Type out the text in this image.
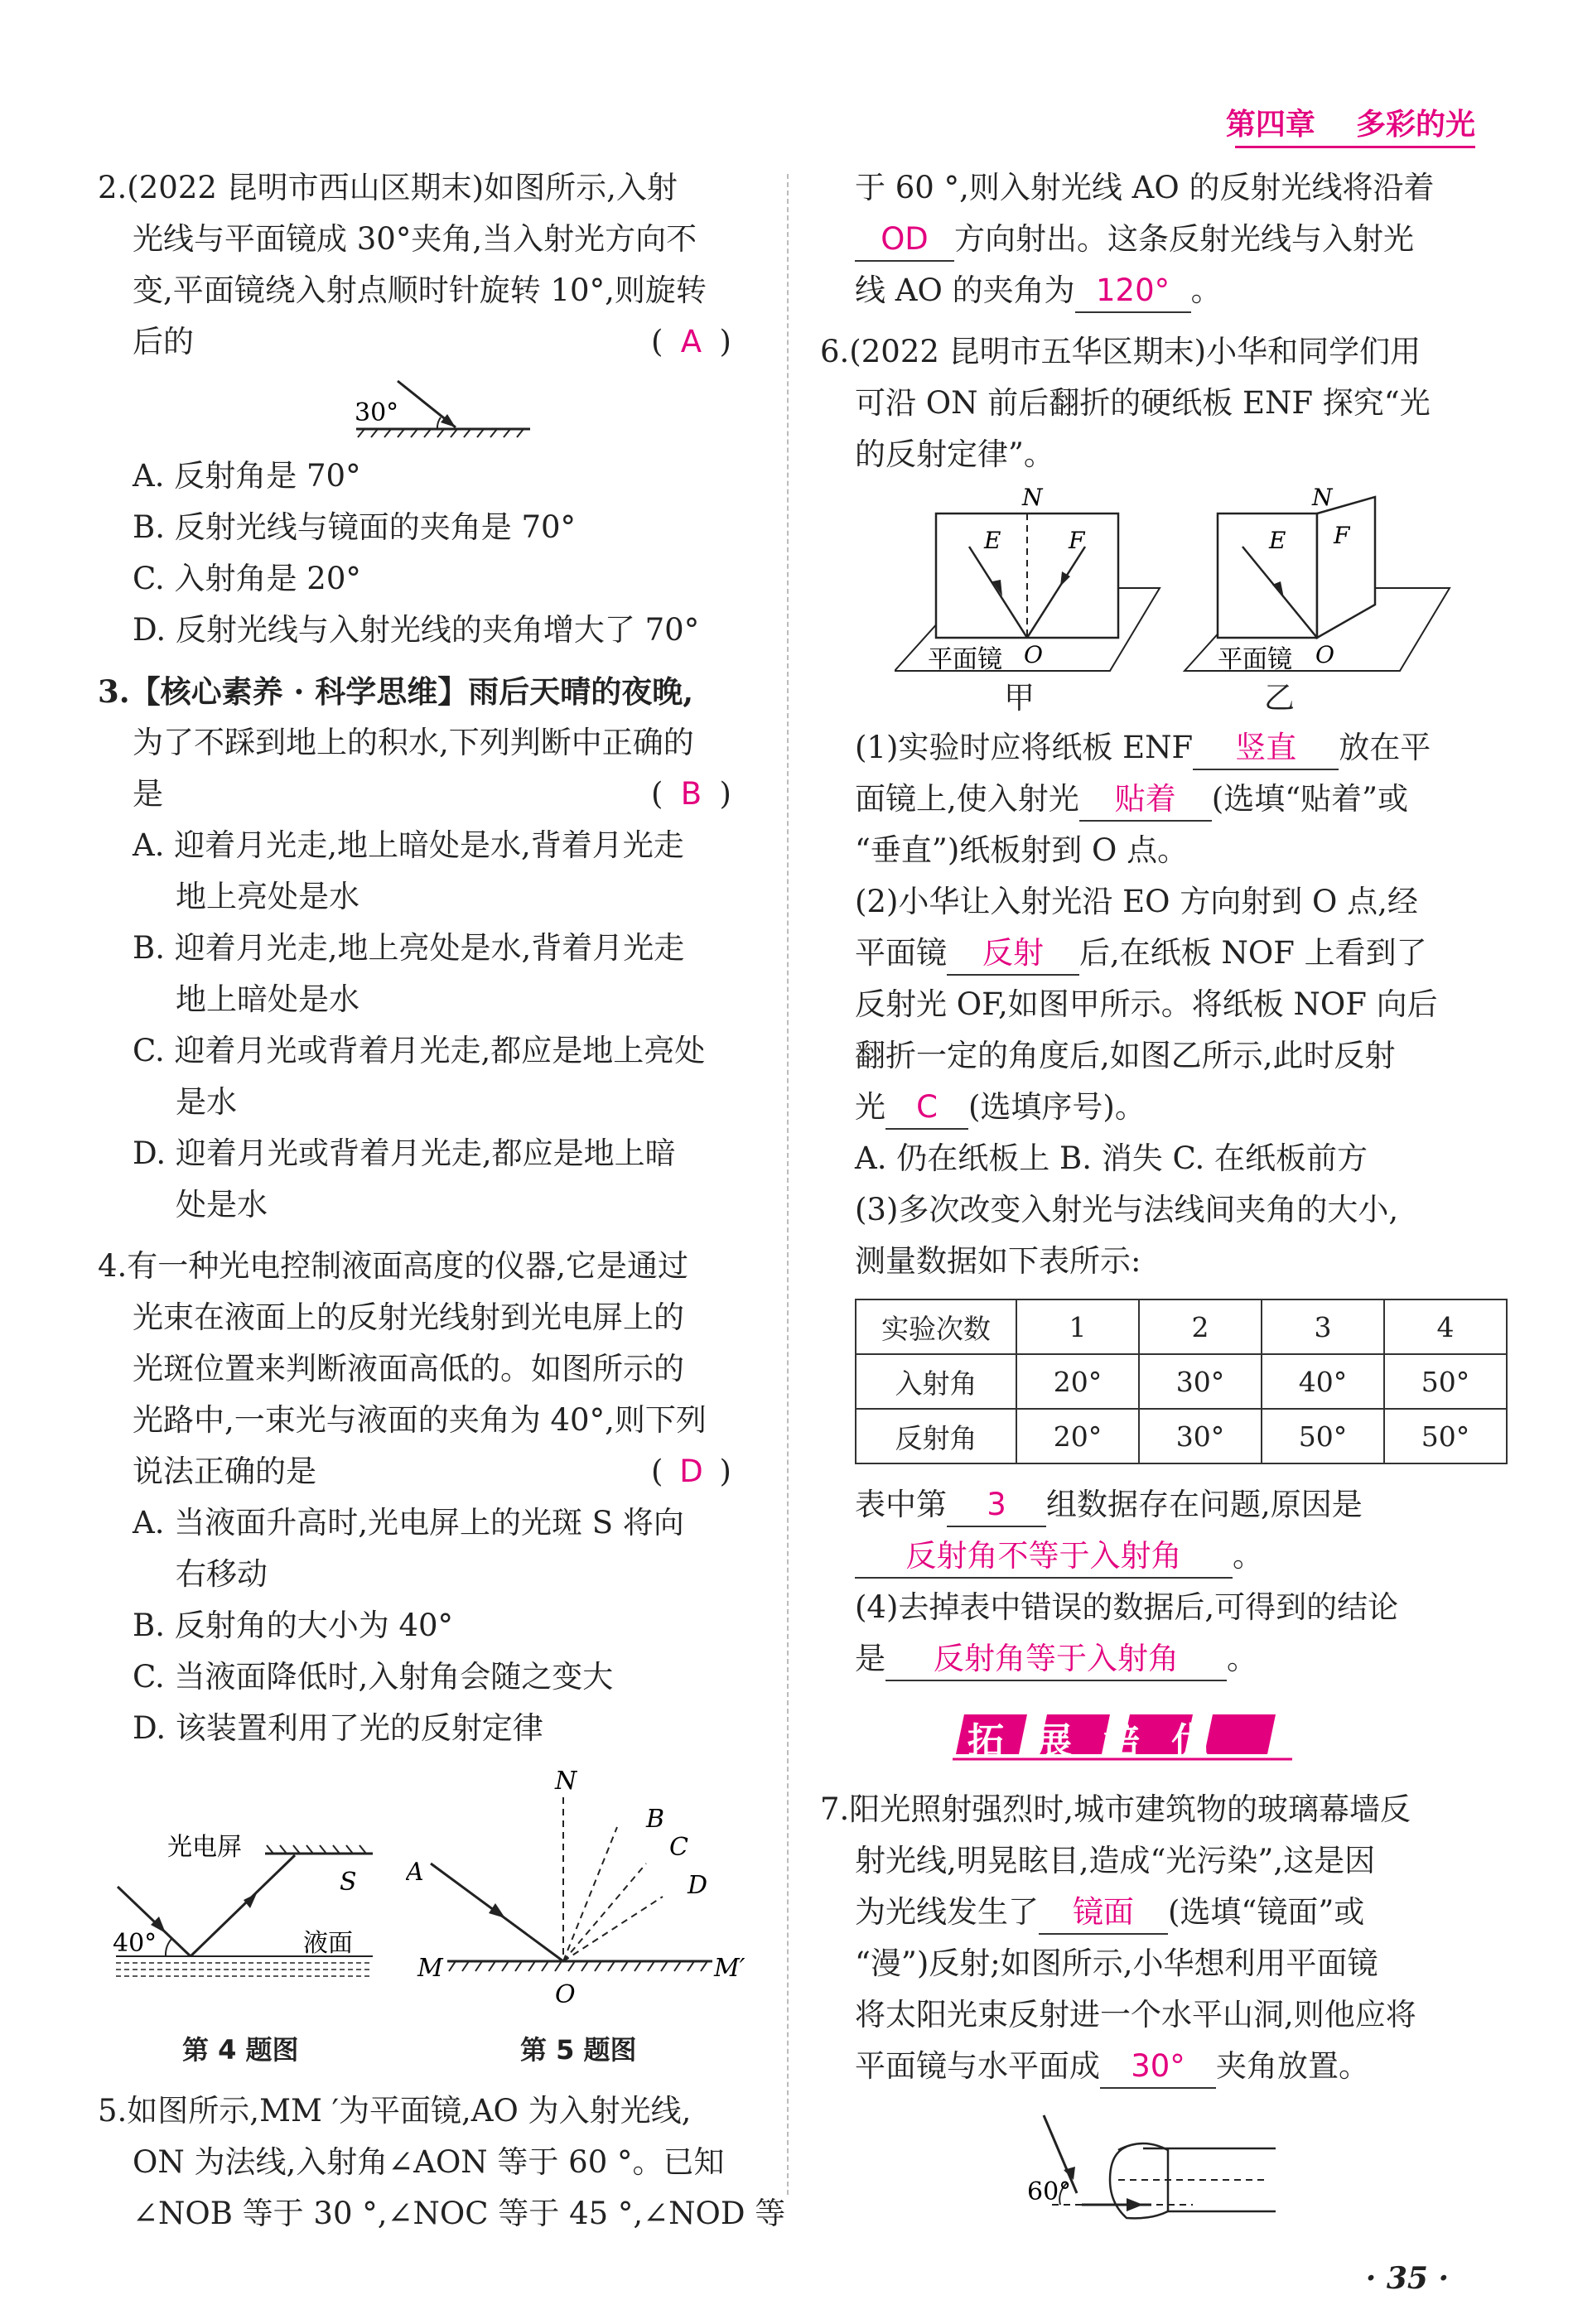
第四章 多彩的光
2.(2022 昆明市西山区期末)如图所示,入射
光线与平面镜成 30°夹角,当入射光方向不
变,平面镜绕入射点顺时针旋转 10°,则旋转
后的	( A )
30°
A. 反射角是 70°
B. 反射光线与镜面的夹角是 70°
C. 入射角是 20°
D. 反射光线与入射光线的夹角增大了 70°
3.【核心素养 · 科学思维】雨后天晴的夜晚,
为了不踩到地上的积水,下列判断中正确的
是	( B )
A. 迎着月光走,地上暗处是水,背着月光走
地上亮处是水
B. 迎着月光走,地上亮处是水,背着月光走
地上暗处是水
C. 迎着月光或背着月光走,都应是地上亮处
是水
D. 迎着月光或背着月光走,都应是地上暗
处是水
4.有一种光电控制液面高度的仪器,它是通过
光束在液面上的反射光线射到光电屏上的
光斑位置来判断液面高低的。如图所示的
光路中,一束光与液面的夹角为 40°,则下列
说法正确的是	( D )
A. 当液面升高时,光电屏上的光斑 S 将向
右移动
B. 反射角的大小为 40°
C. 当液面降低时,入射角会随之变大
D. 该装置利用了光的反射定律
光电屏
S
40°	液面
第 4 题图
N
B
C
D
A
M
O
M′
第 5 题图
5.如图所示,MM ′为平面镜,AO 为入射光线,
ON 为法线,入射角∠AON 等于 60 °。已知
∠NOB 等于 30 °,∠NOC 等于 45 °,∠NOD 等
于 60 °,则入射光线 AO 的反射光线将沿着
OD 方向射出。这条反射光线与入射光
线 AO 的夹角为 120° 。
6.(2022 昆明市五华区期末)小华和同学们用
可沿 ON 前后翻折的硬纸板 ENF 探究“光
的反射定律”。
N
E	F
O
平面镜
N
E F
O
平面镜
甲	乙
(1)实验时应将纸板 ENF 竖直 放在平
面镜上,使入射光 贴着 (选填“贴着”或
“垂直”)纸板射到 O 点。
(2)小华让入射光沿 EO 方向射到 O 点,经
平面镜 反射 后,在纸板 NOF 上看到了
反射光 OF,如图甲所示。将纸板 NOF 向后
翻折一定的角度后,如图乙所示,此时反射
光 C (选填序号)。
A. 仍在纸板上 B. 消失 C. 在纸板前方
(3)多次改变入射光与法线间夹角的大小,
测量数据如下表所示:
实验次数	1	2	3	4
入射角	20°	30°	40°	50°
反射角	20°	30°	50°	50°
表中第 3 组数据存在问题,原因是
反射角不等于入射角 。
(4)去掉表中错误的数据后,可得到的结论
是 反射角等于入射角 。
拓展培优
7.阳光照射强烈时,城市建筑物的玻璃幕墙反
射光线,明晃眩目,造成“光污染”,这是因
为光线发生了 镜面 (选填“镜面”或
“漫”)反射;如图所示,小华想利用平面镜
将太阳光束反射进一个水平山洞,则他应将
平面镜与水平面成 30° 夹角放置。
60°
· 35 ·
